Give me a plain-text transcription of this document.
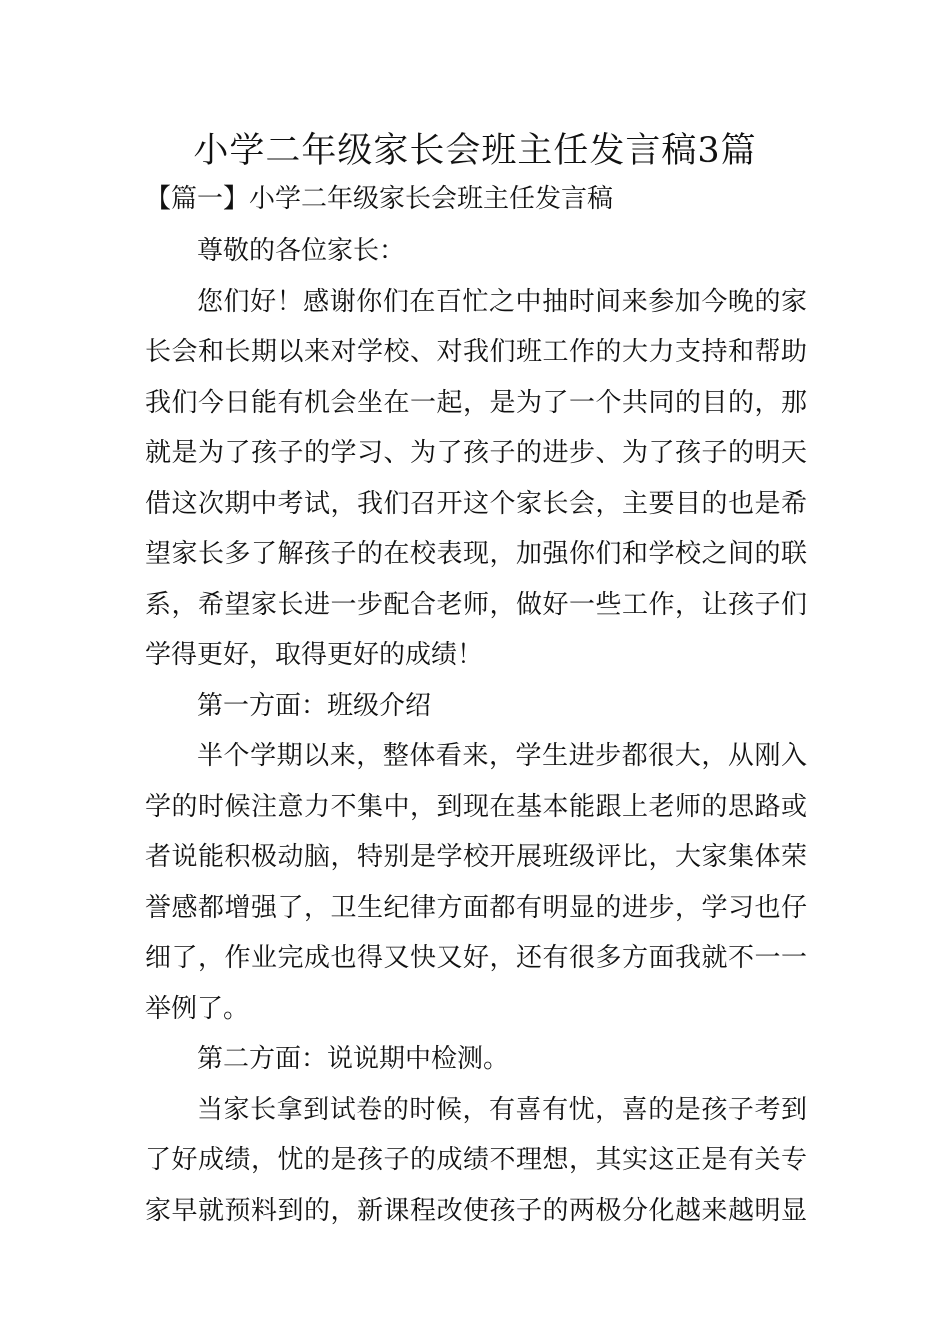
小学二年级家长会班主任发言稿3篇
【篇一】小学二年级家长会班主任发言稿
尊敬的各位家长：
您们好！感谢你们在百忙之中抽时间来参加今晚的家
长会和长期以来对学校、对我们班工作的大力支持和帮助
我们今日能有机会坐在一起，是为了一个共同的目的，那
就是为了孩子的学习、为了孩子的进步、为了孩子的明天
借这次期中考试，我们召开这个家长会，主要目的也是希
望家长多了解孩子的在校表现，加强你们和学校之间的联
系，希望家长进一步配合老师，做好一些工作，让孩子们
学得更好，取得更好的成绩！
第一方面：班级介绍
半个学期以来，整体看来，学生进步都很大，从刚入
学的时候注意力不集中，到现在基本能跟上老师的思路或
者说能积极动脑，特别是学校开展班级评比，大家集体荣
誉感都增强了，卫生纪律方面都有明显的进步，学习也仔
细了，作业完成也得又快又好，还有很多方面我就不一一
举例了。
第二方面：说说期中检测。
当家长拿到试卷的时候，有喜有忧，喜的是孩子考到
了好成绩，忧的是孩子的成绩不理想，其实这正是有关专
家早就预料到的，新课程改使孩子的两极分化越来越明显
